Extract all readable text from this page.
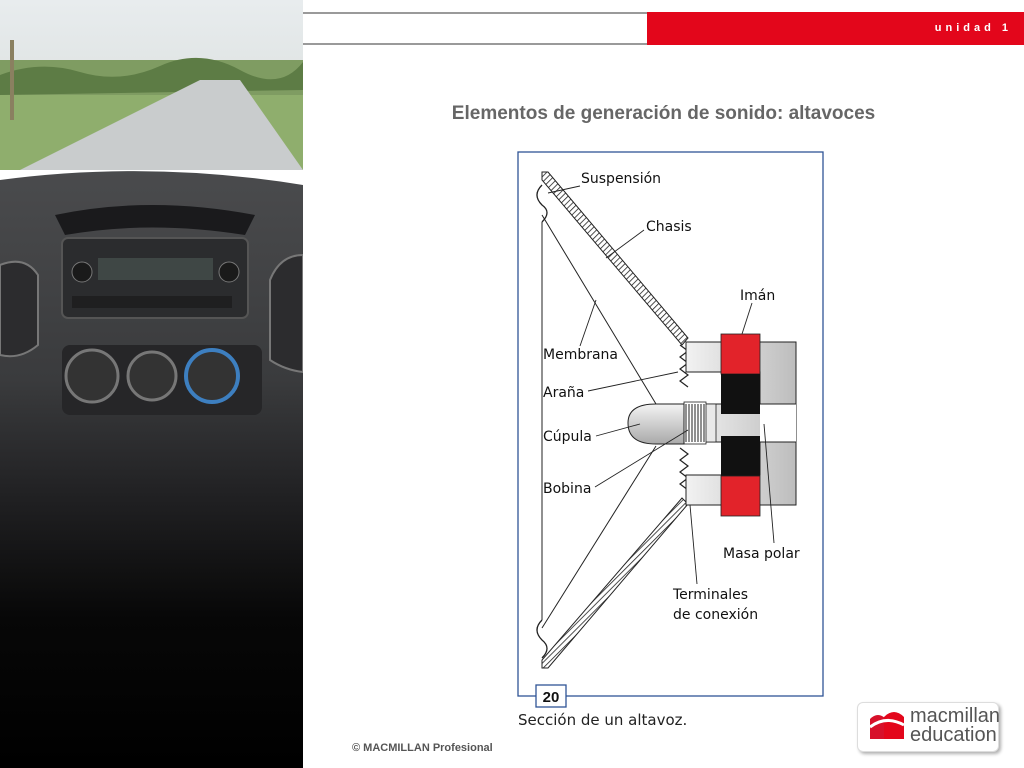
unidad 1
Elementos de generación de sonido: altavoces
Suspensión
Chasis
Imán
Membrana
Araña
Cúpula
Bobina
Masa polar
Terminales
de conexión
20
Sección de un altavoz.
© MACMILLAN Profesional
macmillan
education
